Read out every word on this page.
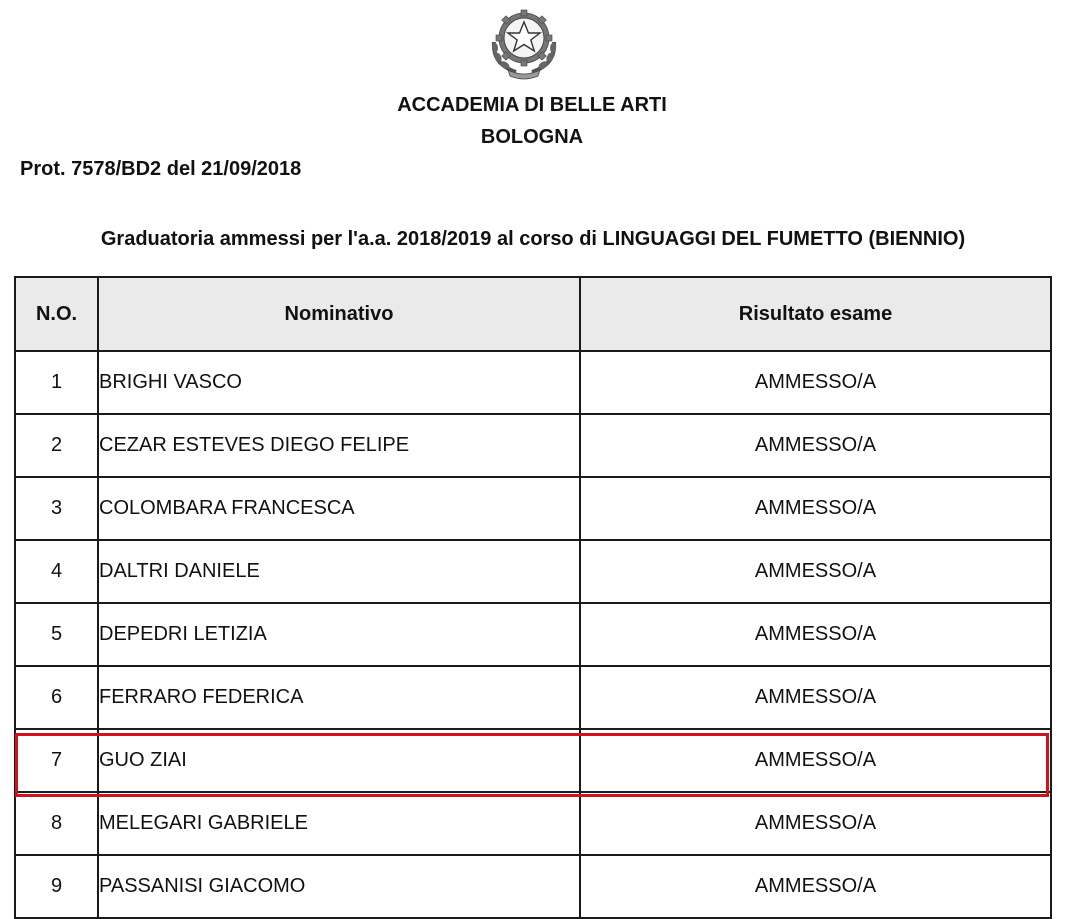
ACCADEMIA DI BELLE ARTI
BOLOGNA
Prot. 7578/BD2 del 21/09/2018
Graduatoria ammessi per l'a.a. 2018/2019 al corso di LINGUAGGI DEL FUMETTO (BIENNIO)
N.O.	Nominativo	Risultato esame
1	BRIGHI VASCO	AMMESSO/A
2	CEZAR ESTEVES DIEGO FELIPE	AMMESSO/A
3	COLOMBARA FRANCESCA	AMMESSO/A
4	DALTRI DANIELE	AMMESSO/A
5	DEPEDRI LETIZIA	AMMESSO/A
6	FERRARO FEDERICA	AMMESSO/A
7	GUO ZIAI	AMMESSO/A
8	MELEGARI GABRIELE	AMMESSO/A
9	PASSANISI GIACOMO	AMMESSO/A
